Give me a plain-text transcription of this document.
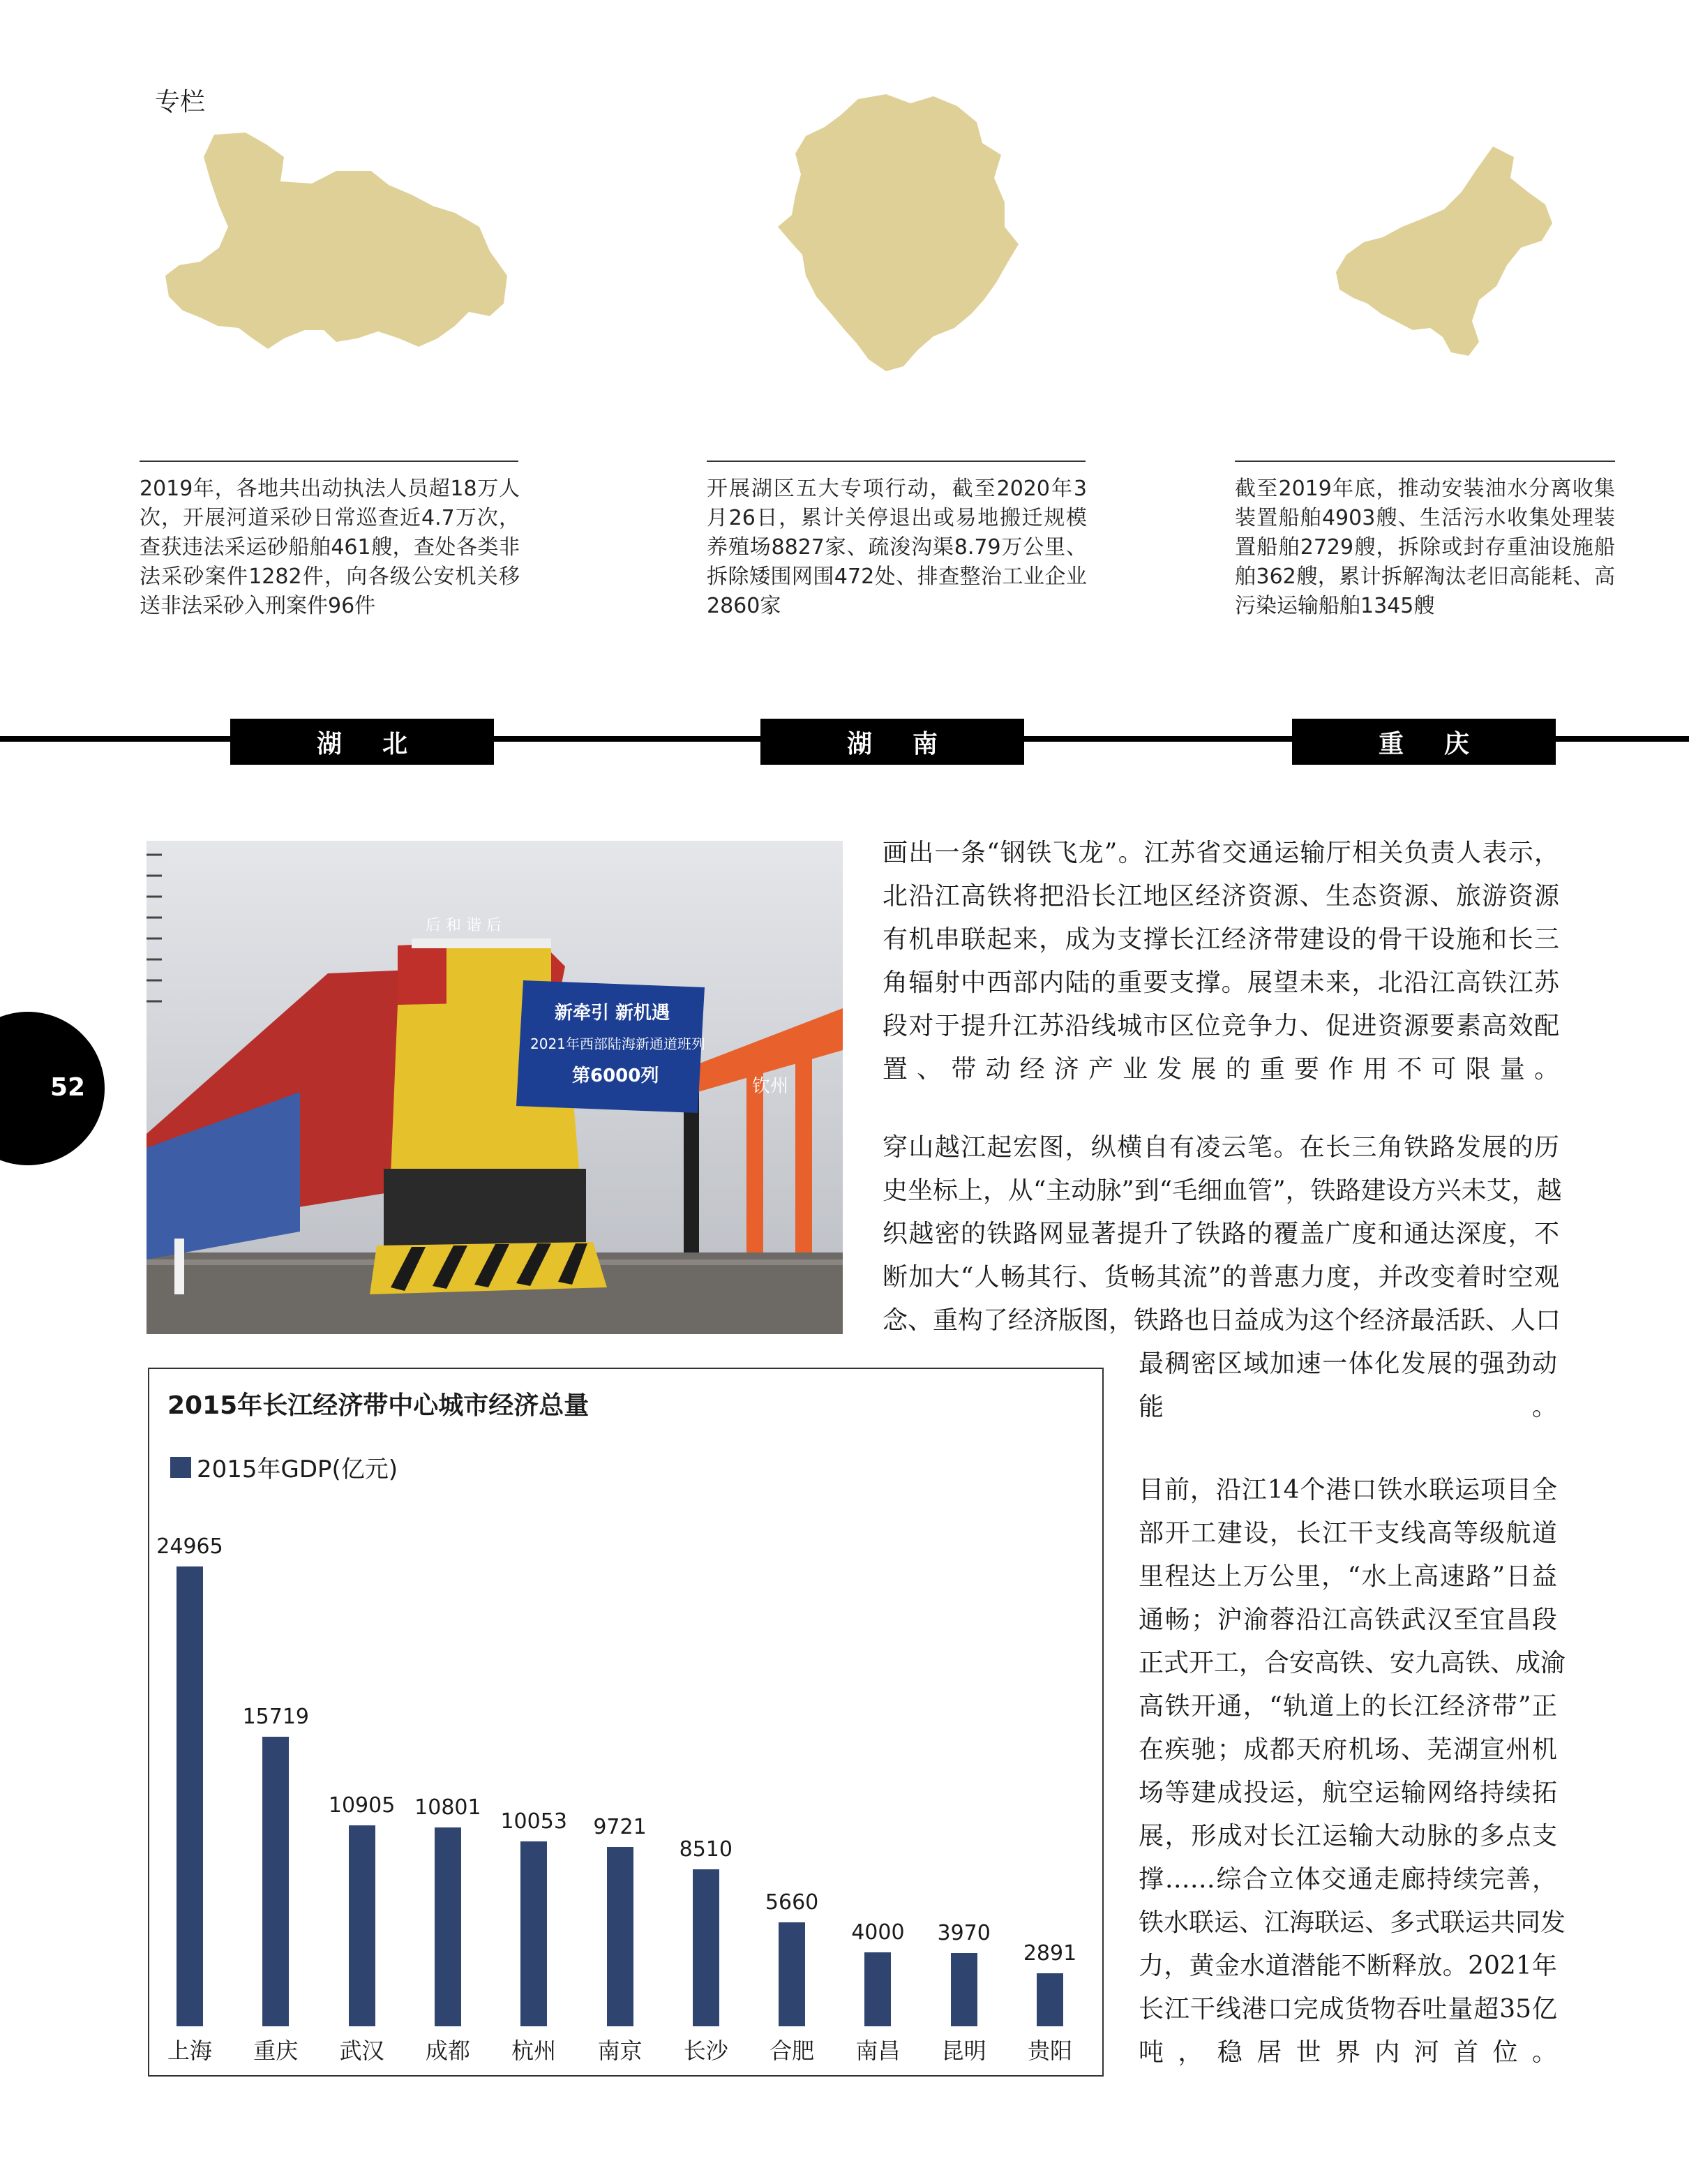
专栏
2019年，各地共出动执法人员超18万人次，开展河道采砂日常巡查近4.7万次，查获违法采运砂船舶461艘，查处各类非法采砂案件1282件，向各级公安机关移送非法采砂入刑案件96件
开展湖区五大专项行动，截至2020年3月26日，累计关停退出或易地搬迁规模养殖场8827家、疏浚沟渠8.79万公里、拆除矮围网围472处、排查整治工业企业2860家
截至2019年底，推动安装油水分离收集装置船舶4903艘、生活污水收集处理装置船舶2729艘，拆除或封存重油设施船舶362艘，累计拆解淘汰老旧高能耗、高污染运输船舶1345艘
湖北	湖南	重庆
钦州
后 和 谐 后
新牵引 新机遇
2021年西部陆海新通道班列
第6000列
52
画出一条“钢铁飞龙”。江苏省交通运输厅相关负责人表示，
北沿江高铁将把沿长江地区经济资源、生态资源、旅游资源
有机串联起来，成为支撑长江经济带建设的骨干设施和长三
角辐射中西部内陆的重要支撑。展望未来，北沿江高铁江苏
段对于提升江苏沿线城市区位竞争力、促进资源要素高效配
置、带动经济产业发展的重要作用不可限量。
穿山越江起宏图，纵横自有凌云笔。在长三角铁路发展的历
史坐标上，从“主动脉”到“毛细血管”，铁路建设方兴未艾，越
织越密的铁路网显著提升了铁路的覆盖广度和通达深度，不
断加大“人畅其行、货畅其流”的普惠力度，并改变着时空观
念、重构了经济版图，铁路也日益成为这个经济最活跃、人口
最稠密区域加速一体化发展的强劲动
能。
目前，沿江14个港口铁水联运项目全
部开工建设，长江干支线高等级航道
里程达上万公里，“水上高速路”日益
通畅；沪渝蓉沿江高铁武汉至宜昌段
正式开工，合安高铁、安九高铁、成渝
高铁开通，“轨道上的长江经济带”正
在疾驰；成都天府机场、芜湖宣州机
场等建成投运，航空运输网络持续拓
展，形成对长江运输大动脉的多点支
撑……综合立体交通走廊持续完善，
铁水联运、江海联运、多式联运共同发
力，黄金水道潜能不断释放。2021年
长江干线港口完成货物吞吐量超35亿
吨，稳居世界内河首位。
2015年长江经济带中心城市经济总量
2015年GDP(亿元)
24965
上海
15719
重庆
10905
武汉
10801
成都
10053
杭州
9721
南京
8510
长沙
5660
合肥
4000
南昌
3970
昆明
2891
贵阳
